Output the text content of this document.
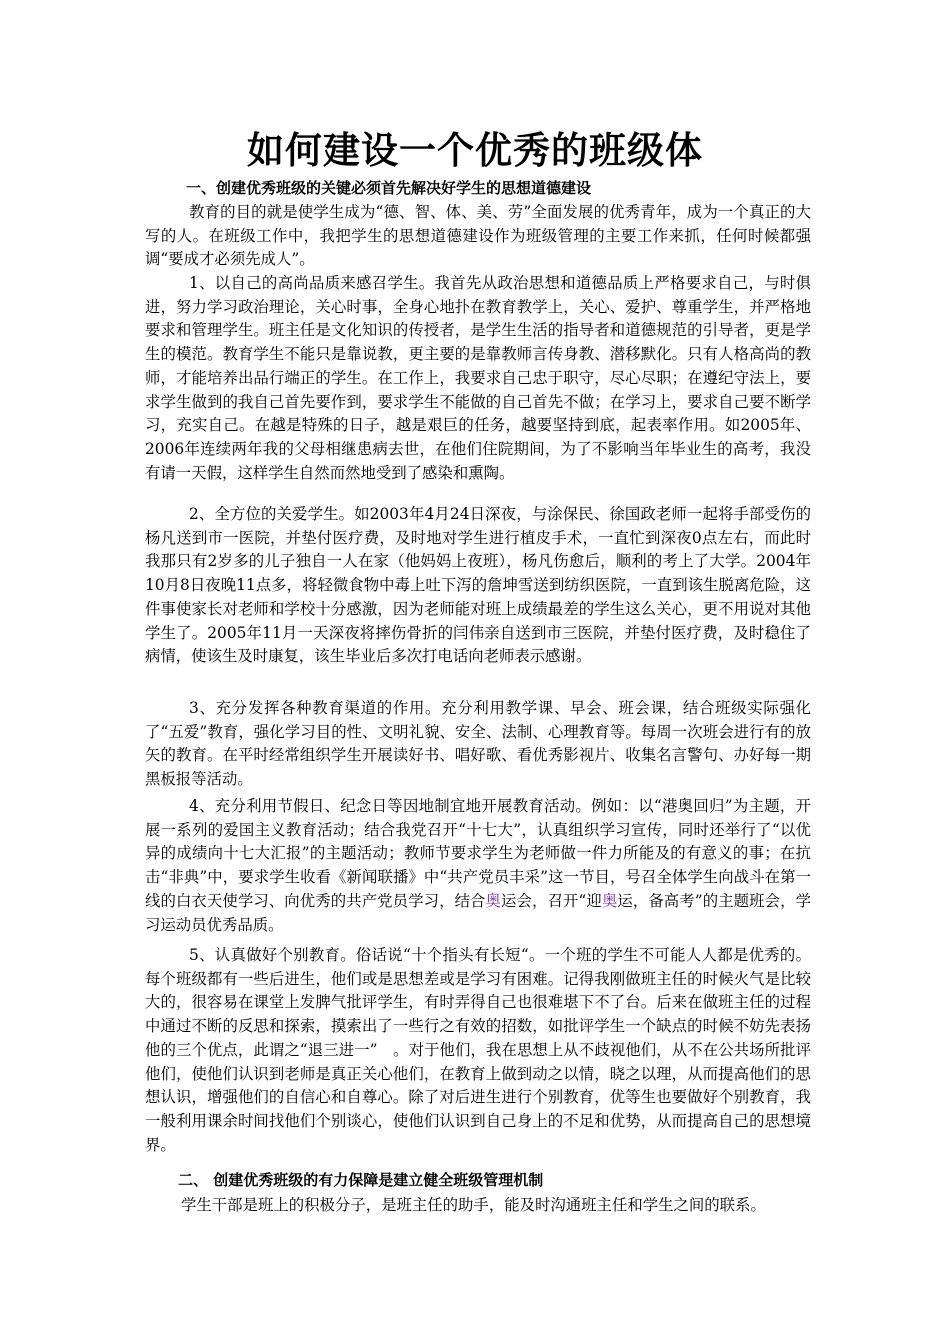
如何建设一个优秀的班级体
一、创建优秀班级的关键必须首先解决好学生的思想道德建设
教育的目的就是使学生成为“德、智、体、美、劳”全面发展的优秀青年，成为一个真正的大写的人。在班级工作中，我把学生的思想道德建设作为班级管理的主要工作来抓，任何时候都强调“要成才必须先成人”。
1、以自己的高尚品质来感召学生。我首先从政治思想和道德品质上严格要求自己，与时俱进，努力学习政治理论，关心时事，全身心地扑在教育教学上，关心、爱护、尊重学生，并严格地要求和管理学生。班主任是文化知识的传授者，是学生生活的指导者和道德规范的引导者，更是学生的模范。教育学生不能只是靠说教，更主要的是靠教师言传身教、潜移默化。只有人格高尚的教师，才能培养出品行端正的学生。在工作上，我要求自己忠于职守，尽心尽职；在遵纪守法上，要求学生做到的我自己首先要作到，要求学生不能做的自己首先不做；在学习上，要求自己要不断学习，充实自己。在越是特殊的日子，越是艰巨的任务，越要坚持到底，起表率作用。如2005年、2006年连续两年我的父母相继患病去世，在他们住院期间，为了不影响当年毕业生的高考，我没有请一天假，这样学生自然而然地受到了感染和熏陶。
2、全方位的关爱学生。如2003年4月24日深夜，与涂保民、徐国政老师一起将手部受伤的杨凡送到市一医院，并垫付医疗费，及时地对学生进行植皮手术，一直忙到深夜0点左右，而此时我那只有2岁多的儿子独自一人在家（他妈妈上夜班），杨凡伤愈后，顺利的考上了大学。2004年10月8日夜晚11点多，将轻微食物中毒上吐下泻的詹坤雪送到纺织医院，一直到该生脱离危险，这件事使家长对老师和学校十分感激，因为老师能对班上成绩最差的学生这么关心，更不用说对其他学生了。2005年11月一天深夜将摔伤骨折的闫伟亲自送到市三医院，并垫付医疗费，及时稳住了病情，使该生及时康复，该生毕业后多次打电话向老师表示感谢。
3、充分发挥各种教育渠道的作用。充分利用教学课、早会、班会课，结合班级实际强化了“五爱”教育，强化学习目的性、文明礼貌、安全、法制、心理教育等。每周一次班会进行有的放矢的教育。在平时经常组织学生开展读好书、唱好歌、看优秀影视片、收集名言警句、办好每一期黑板报等活动。
4、充分利用节假日、纪念日等因地制宜地开展教育活动。例如：以“港奥回归”为主题，开展一系列的爱国主义教育活动；结合我党召开“十七大”，认真组织学习宣传，同时还举行了“以优异的成绩向十七大汇报”的主题活动；教师节要求学生为老师做一件力所能及的有意义的事；在抗击“非典”中，要求学生收看《新闻联播》中“共产党员丰采”这一节目，号召全体学生向战斗在第一线的白衣天使学习、向优秀的共产党员学习，结合奥运会，召开“迎奥运，备高考”的主题班会，学习运动员优秀品质。
5、认真做好个别教育。俗话说“十个指头有长短“。一个班的学生不可能人人都是优秀的。每个班级都有一些后进生，他们或是思想差或是学习有困难。记得我刚做班主任的时候火气是比较大的，很容易在课堂上发脾气批评学生，有时弄得自己也很难堪下不了台。后来在做班主任的过程中通过不断的反思和探索，摸索出了一些行之有效的招数，如批评学生一个缺点的时候不妨先表扬他的三个优点，此谓之“退三进一”　。对于他们，我在思想上从不歧视他们，从不在公共场所批评他们，使他们认识到老师是真正关心他们，在教育上做到动之以情，晓之以理，从而提高他们的思想认识，增强他们的自信心和自尊心。除了对后进生进行个别教育，优等生也要做好个别教育，我一般利用课余时间找他们个别谈心，使他们认识到自己身上的不足和优势，从而提高自己的思想境界。
二、 创建优秀班级的有力保障是建立健全班级管理机制
学生干部是班上的积极分子，是班主任的助手，能及时沟通班主任和学生之间的联系。
